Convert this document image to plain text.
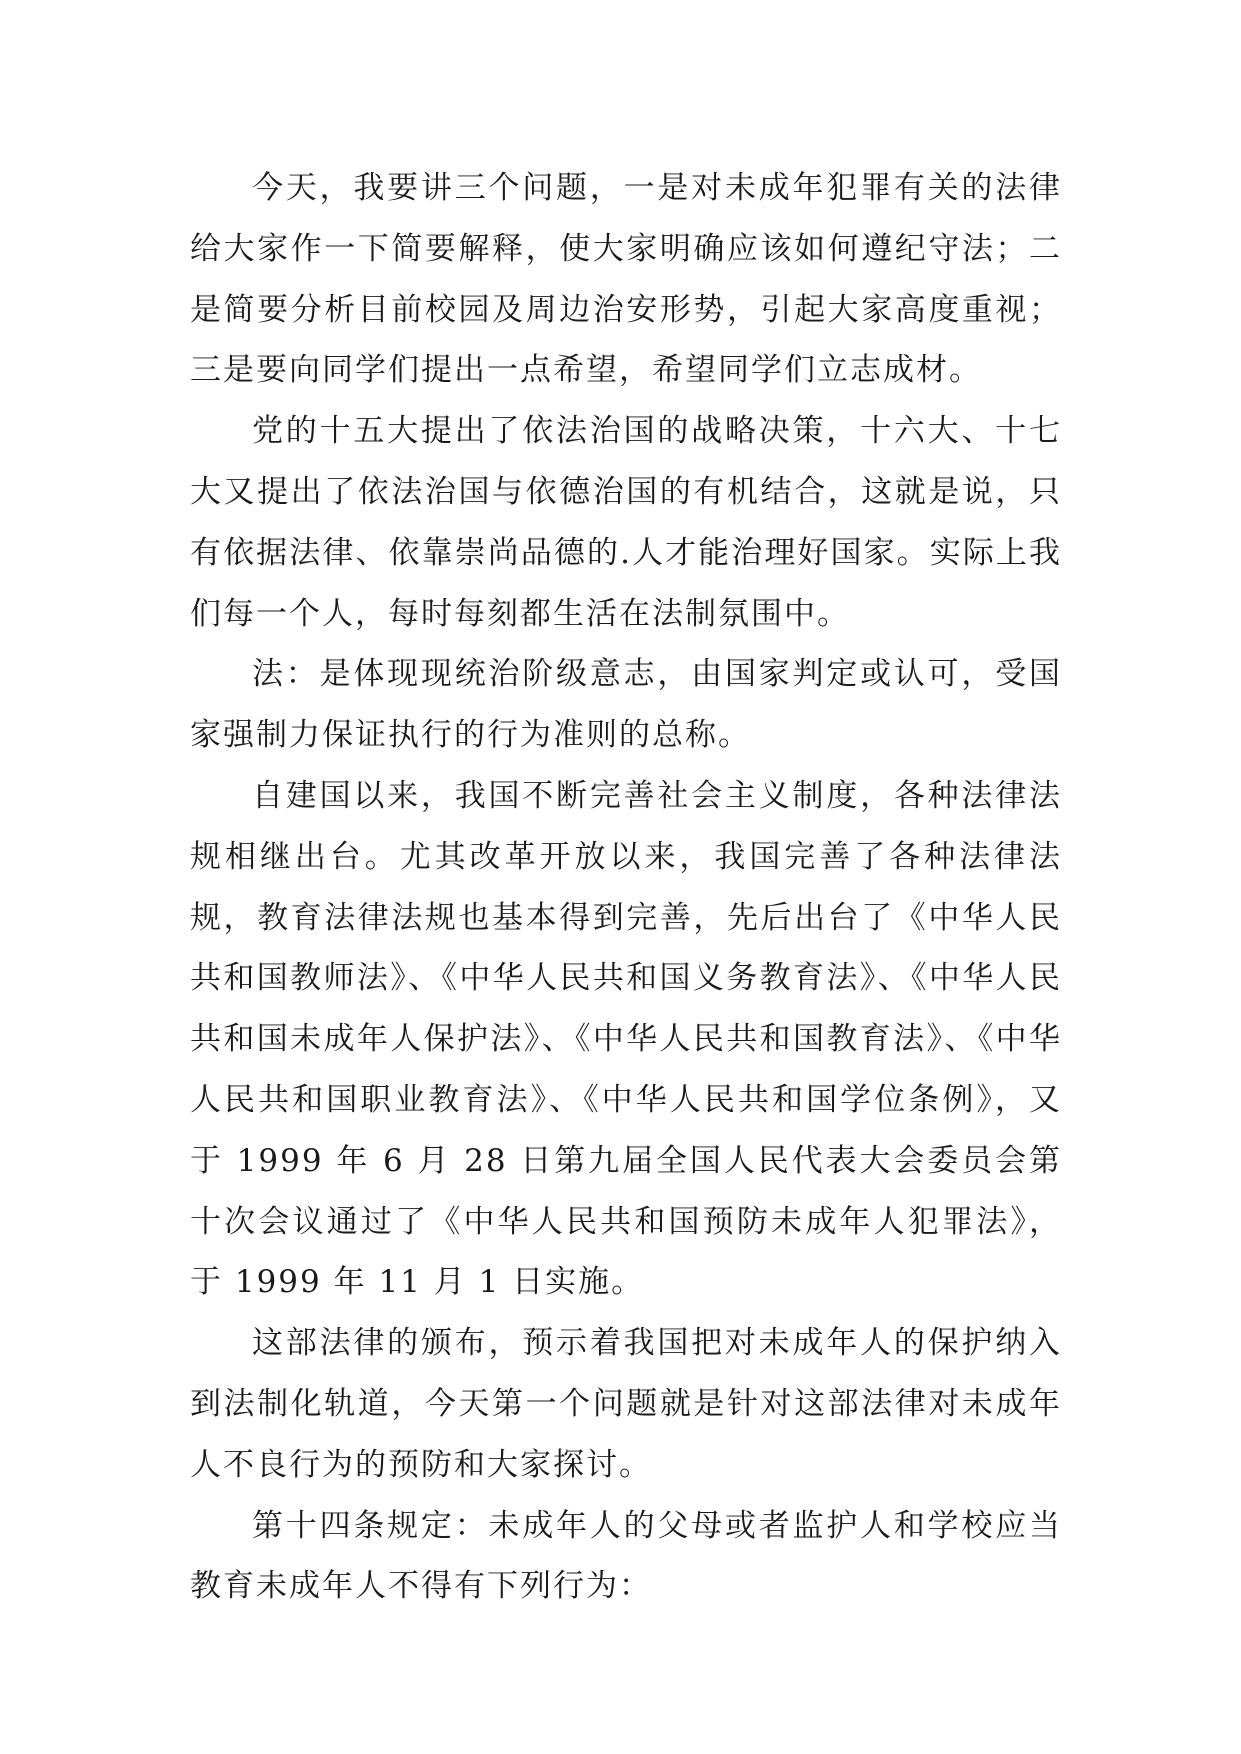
今天，我要讲三个问题，一是对未成年犯罪有关的法律给大家作一下简要解释，使大家明确应该如何遵纪守法；二是简要分析目前校园及周边治安形势，引起大家高度重视；三是要向同学们提出一点希望，希望同学们立志成材。

党的十五大提出了依法治国的战略决策，十六大、十七大又提出了依法治国与依德治国的有机结合，这就是说，只有依据法律、依靠崇尚品德的.人才能治理好国家。实际上我们每一个人，每时每刻都生活在法制氛围中。

法：是体现现统治阶级意志，由国家判定或认可，受国家强制力保证执行的行为准则的总称。

自建国以来，我国不断完善社会主义制度，各种法律法规相继出台。尤其改革开放以来，我国完善了各种法律法规，教育法律法规也基本得到完善，先后出台了《中华人民共和国教师法》、《中华人民共和国义务教育法》、《中华人民共和国未成年人保护法》、《中华人民共和国教育法》、《中华人民共和国职业教育法》、《中华人民共和国学位条例》，又于 1999 年 6 月 28 日第九届全国人民代表大会委员会第十次会议通过了《中华人民共和国预防未成年人犯罪法》，于 1999 年 11 月 1 日实施。

这部法律的颁布，预示着我国把对未成年人的保护纳入到法制化轨道，今天第一个问题就是针对这部法律对未成年人不良行为的预防和大家探讨。

第十四条规定：未成年人的父母或者监护人和学校应当教育未成年人不得有下列行为：
